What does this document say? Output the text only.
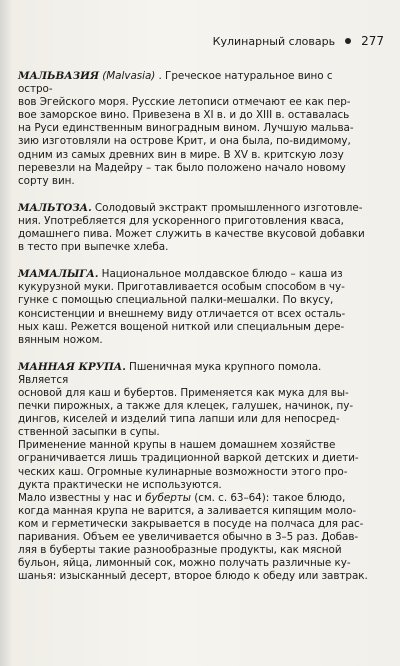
Кулинарный словарь 277

МАЛЬВАЗИЯ (Malvasia) . Греческое натуральное вино с остро-

вов Эгейского моря. Русские летописи отмечают ее как пер-

вое заморское вино. Привезена в XI в. и до XIII в. оставалась

на Руси единственным виноградным вином. Лучшую мальва-

зию изготовляли на острове Крит, и она была, по-видимому,

одним из самых древних вин в мире. В XV в. критскую лозу

перевезли на Мадейру – так было положено начало новому

сорту вин.

МАЛЬТОЗА. Солодовый экстракт промышленного изготовле-

ния. Употребляется для ускоренного приготовления кваса,

домашнего пива. Может служить в качестве вкусовой добавки

в тесто при выпечке хлеба.

МАМАЛЫГА. Национальное молдавское блюдо – каша из

кукурузной муки. Приготавливается особым способом в чу-

гунке с помощью специальной палки-мешалки. По вкусу,

консистенции и внешнему виду отличается от всех осталь-

ных каш. Режется вощеной ниткой или специальным дере-

вянным ножом.

МАННАЯ КРУПА. Пшеничная мука крупного помола. Является

основой для каш и бубертов. Применяется как мука для вы-

печки пирожных, а также для клецек, галушек, начинок, пу-

дингов, киселей и изделий типа лапши или для непосред-

ственной засыпки в супы.

Применение манной крупы в нашем домашнем хозяйстве

ограничивается лишь традиционной варкой детских и диети-

ческих каш. Огромные кулинарные возможности этого про-

дукта практически не используются.

Мало известны у нас и буберты (см. с. 63–64): такое блюдо,

когда манная крупа не варится, а заливается кипящим моло-

ком и герметически закрывается в посуде на полчаса для рас-

паривания. Объем ее увеличивается обычно в 3–5 раз. Добав-

ляя в буберты такие разнообразные продукты, как мясной

бульон, яйца, лимонный сок, можно получать различные ку-

шанья: изысканный десерт, второе блюдо к обеду или завтрак.
